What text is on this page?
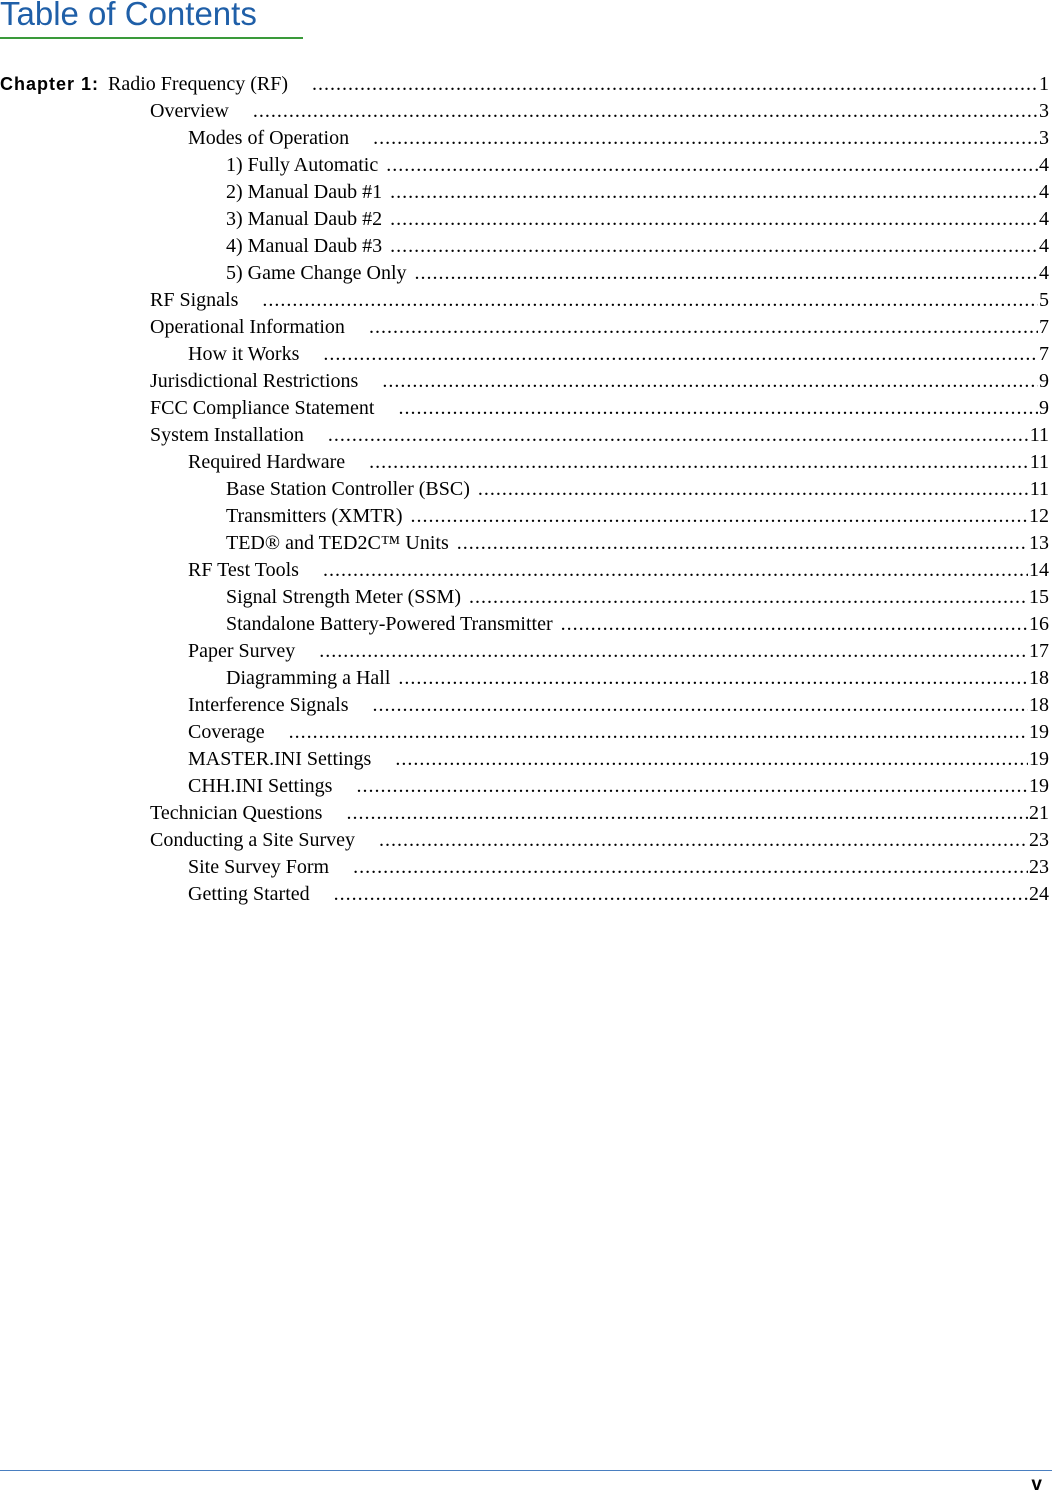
Table of Contents
Chapter 1: Radio Frequency (RF) .....	1
Overview .....	3
Modes of Operation .....	3
1) Fully Automatic .....	4
2) Manual Daub #1 .....	4
3) Manual Daub #2 .....	4
4) Manual Daub #3 .....	4
5) Game Change Only .....	4
RF Signals .....	5
Operational Information .....	7
How it Works .....	7
Jurisdictional Restrictions .....	9
FCC Compliance Statement .....	9
System Installation .....	11
Required Hardware .....	11
Base Station Controller (BSC) .....	11
Transmitters (XMTR) .....	12
TED® and TED2C™ Units .....	13
RF Test Tools .....	14
Signal Strength Meter (SSM) .....	15
Standalone Battery-Powered Transmitter .....	16
Paper Survey .....	17
Diagramming a Hall .....	18
Interference Signals .....	18
Coverage .....	19
MASTER.INI Settings .....	19
CHH.INI Settings .....	19
Technician Questions .....	21
Conducting a Site Survey .....	23
Site Survey Form .....	23
Getting Started .....	24
v
